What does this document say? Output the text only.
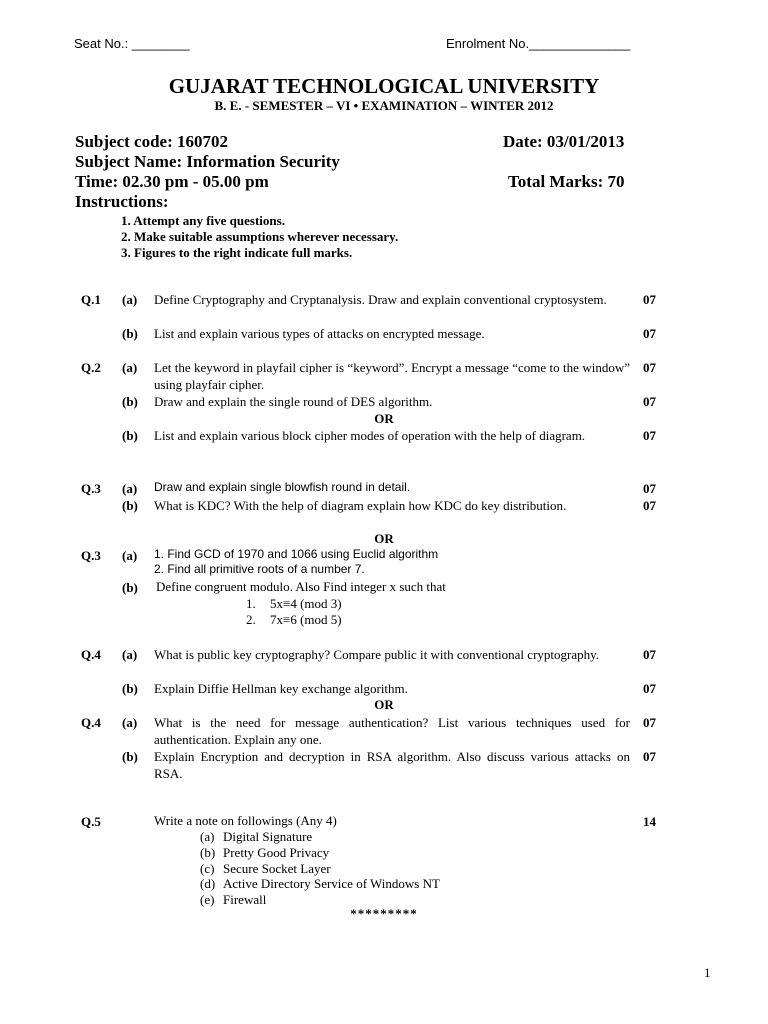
Seat No.: ________	Enrolment No.______________
GUJARAT TECHNOLOGICAL UNIVERSITY
B. E. - SEMESTER – VI • EXAMINATION – WINTER 2012
Subject code: 160702	Date: 03/01/2013
Subject Name: Information Security
Time: 02.30 pm - 05.00 pm	Total Marks: 70
Instructions:
1. Attempt any five questions.
2. Make suitable assumptions wherever necessary.
3. Figures to the right indicate full marks.
Q.1 (a) Define Cryptography and Cryptanalysis. Draw and explain conventional cryptosystem.	07
(b) List and explain various types of attacks on encrypted message.	07
Q.2 (a) Let the keyword in playfail cipher is “keyword”. Encrypt a message “come to the window” using playfair cipher.
07
(b) Draw and explain the single round of DES algorithm.	07
OR
(b) List and explain various block cipher modes of operation with the help of diagram.	07
Q.3 (a) Draw and explain single blowfish round in detail.	07
(b) What is KDC? With the help of diagram explain how KDC do key distribution.	07
OR
Q.3 (a) 1. Find GCD of 1970 and 1066 using Euclid algorithm
2. Find all primitive roots of a number 7.
(b) Define congruent modulo. Also Find integer x such that
1. 5x≡4 (mod 3)
2. 7x≡6 (mod 5)
Q.4 (a) What is public key cryptography? Compare public it with conventional cryptography.	07
(b) Explain Diffie Hellman key exchange algorithm.	07
OR
Q.4 (a) What is the need for message authentication? List various techniques used for authentication. Explain any one.
07
(b) Explain Encryption and decryption in RSA algorithm. Also discuss various attacks on RSA.
07
Q.5	Write a note on followings (Any 4)	14
(a) Digital Signature
(b) Pretty Good Privacy
(c) Secure Socket Layer
(d) Active Directory Service of Windows NT
(e) Firewall
*********
1
